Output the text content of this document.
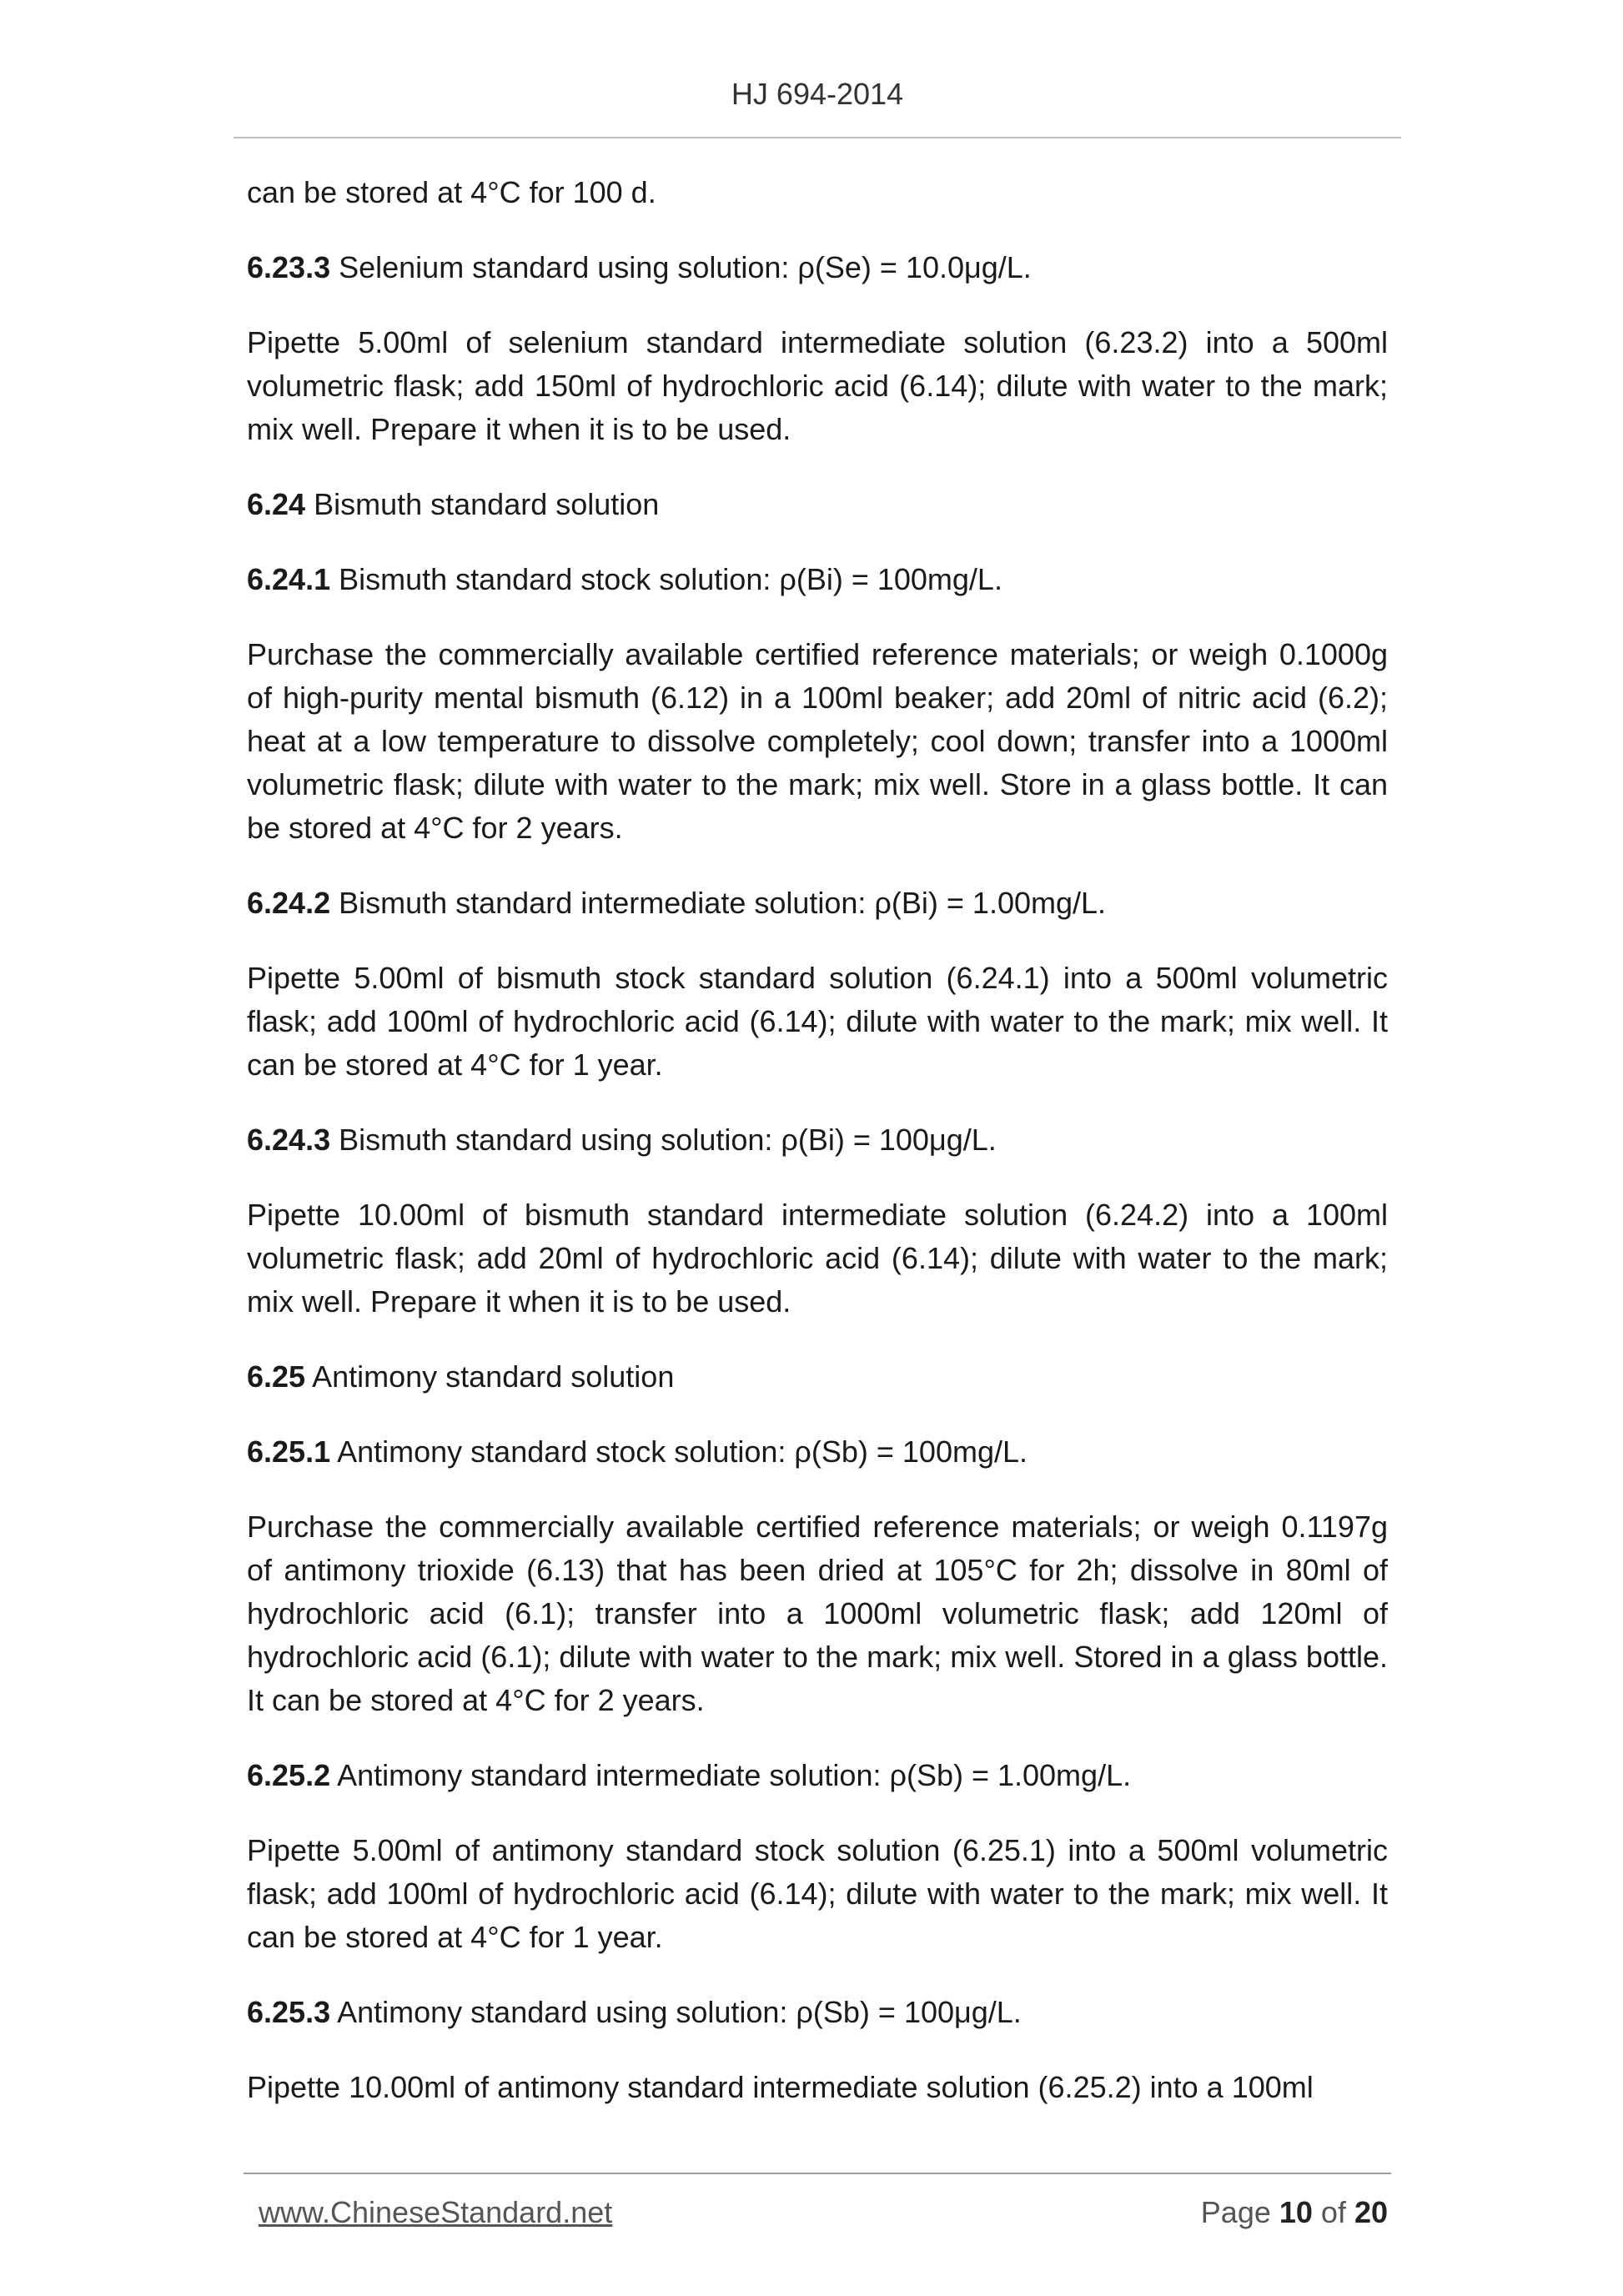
HJ 694-2014

can be stored at 4°C for 100 d.

6.23.3 Selenium standard using solution: ρ(Se) = 10.0μg/L.

Pipette 5.00ml of selenium standard intermediate solution (6.23.2) into a 500ml volumetric flask; add 150ml of hydrochloric acid (6.14); dilute with water to the mark; mix well. Prepare it when it is to be used.

6.24 Bismuth standard solution

6.24.1 Bismuth standard stock solution: ρ(Bi) = 100mg/L.

Purchase the commercially available certified reference materials; or weigh 0.1000g of high-purity mental bismuth (6.12) in a 100ml beaker; add 20ml of nitric acid (6.2); heat at a low temperature to dissolve completely; cool down; transfer into a 1000ml volumetric flask; dilute with water to the mark; mix well. Store in a glass bottle. It can be stored at 4°C for 2 years.

6.24.2 Bismuth standard intermediate solution: ρ(Bi) = 1.00mg/L.

Pipette 5.00ml of bismuth stock standard solution (6.24.1) into a 500ml volumetric flask; add 100ml of hydrochloric acid (6.14); dilute with water to the mark; mix well. It can be stored at 4°C for 1 year.

6.24.3 Bismuth standard using solution: ρ(Bi) = 100μg/L.

Pipette 10.00ml of bismuth standard intermediate solution (6.24.2) into a 100ml volumetric flask; add 20ml of hydrochloric acid (6.14); dilute with water to the mark; mix well. Prepare it when it is to be used.

6.25 Antimony standard solution

6.25.1 Antimony standard stock solution: ρ(Sb) = 100mg/L.

Purchase the commercially available certified reference materials; or weigh 0.1197g of antimony trioxide (6.13) that has been dried at 105°C for 2h; dissolve in 80ml of hydrochloric acid (6.1); transfer into a 1000ml volumetric flask; add 120ml of hydrochloric acid (6.1); dilute with water to the mark; mix well. Stored in a glass bottle. It can be stored at 4°C for 2 years.

6.25.2 Antimony standard intermediate solution: ρ(Sb) = 1.00mg/L.

Pipette 5.00ml of antimony standard stock solution (6.25.1) into a 500ml volumetric flask; add 100ml of hydrochloric acid (6.14); dilute with water to the mark; mix well. It can be stored at 4°C for 1 year.

6.25.3 Antimony standard using solution: ρ(Sb) = 100μg/L.

Pipette 10.00ml of antimony standard intermediate solution (6.25.2) into a 100ml

www.ChineseStandard.net	Page 10 of 20
